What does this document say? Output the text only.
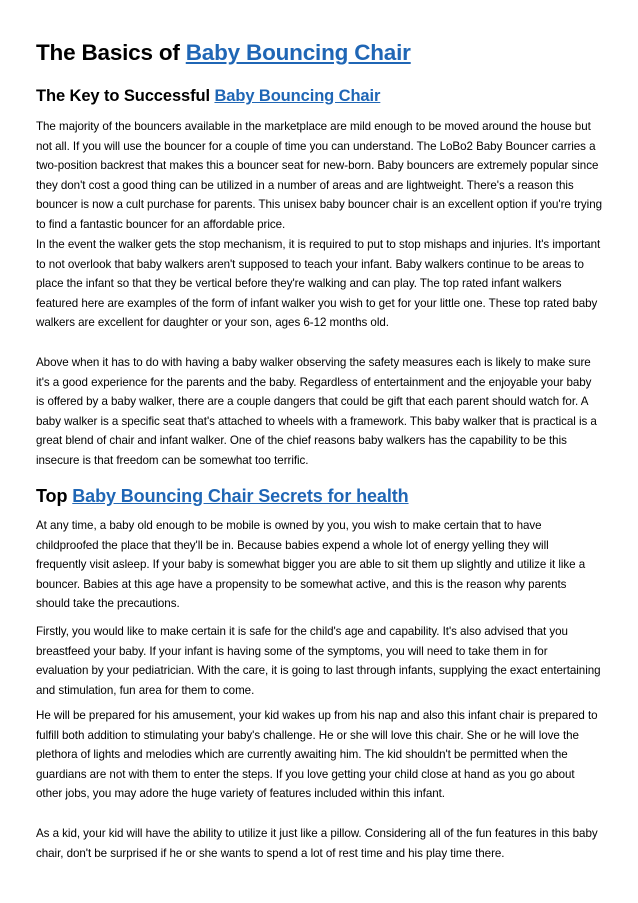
The Basics of Baby Bouncing Chair
The Key to Successful Baby Bouncing Chair

The majority of the bouncers available in the marketplace are mild enough to be moved around the house but not all. If you will use the bouncer for a couple of time you can understand. The LoBo2 Baby Bouncer carries a two-position backrest that makes this a bouncer seat for new-born. Baby bouncers are extremely popular since they don't cost a good thing can be utilized in a number of areas and are lightweight. There's a reason this bouncer is now a cult purchase for parents. This unisex baby bouncer chair is an excellent option if you're trying to find a fantastic bouncer for an affordable price.

In the event the walker gets the stop mechanism, it is required to put to stop mishaps and injuries. It's important to not overlook that baby walkers aren't supposed to teach your infant. Baby walkers continue to be areas to place the infant so that they be vertical before they're walking and can play. The top rated infant walkers featured here are examples of the form of infant walker you wish to get for your little one. These top rated baby walkers are excellent for daughter or your son, ages 6-12 months old.

Above when it has to do with having a baby walker observing the safety measures each is likely to make sure it's a good experience for the parents and the baby. Regardless of entertainment and the enjoyable your baby is offered by a baby walker, there are a couple dangers that could be gift that each parent should watch for. A baby walker is a specific seat that's attached to wheels with a framework. This baby walker that is practical is a great blend of chair and infant walker. One of the chief reasons baby walkers has the capability to be this insecure is that freedom can be somewhat too terrific.

Top Baby Bouncing Chair Secrets for health

At any time, a baby old enough to be mobile is owned by you, you wish to make certain that to have childproofed the place that they'll be in. Because babies expend a whole lot of energy yelling they will frequently visit asleep. If your baby is somewhat bigger you are able to sit them up slightly and utilize it like a bouncer. Babies at this age have a propensity to be somewhat active, and this is the reason why parents should take the precautions.

Firstly, you would like to make certain it is safe for the child's age and capability. It's also advised that you breastfeed your baby. If your infant is having some of the symptoms, you will need to take them in for evaluation by your pediatrician. With the care, it is going to last through infants, supplying the exact entertaining and stimulation, fun area for them to come.

He will be prepared for his amusement, your kid wakes up from his nap and also this infant chair is prepared to fulfill both addition to stimulating your baby's challenge. He or she will love this chair. She or he will love the plethora of lights and melodies which are currently awaiting him. The kid shouldn't be permitted when the guardians are not with them to enter the steps. If you love getting your child close at hand as you go about other jobs, you may adore the huge variety of features included within this infant.

As a kid, your kid will have the ability to utilize it just like a pillow. Considering all of the fun features in this baby chair, don't be surprised if he or she wants to spend a lot of rest time and his play time there.
